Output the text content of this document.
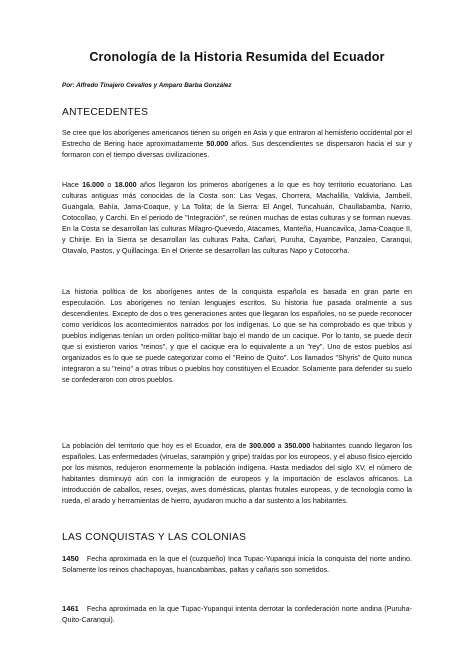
Cronología de la Historia Resumida del Ecuador
Por: Alfredo Tinajero Cevallos y Amparo Barba González
ANTECEDENTES

Se cree que los aborígenes americanos tienen su origen en Asia y que entraron al hemisferio occidental por el Estrecho de Bering hace aproximadamente 50.000 años. Sus descendientes se dispersaron hacia el sur y formaron con el tiempo diversas civilizaciones.

Hace 16.000 o 18.000 años llegaron los primeros aborígenes a lo que es hoy territorio ecuatoriano. Las culturas antiguas más conocidas de la Costa son: Las Vegas, Chorrera, Machalilla, Valdivia, Jambelí, Guangala, Bahía, Jama-Coaque, y La Tolita; de la Sierra: El Angel, Tuncahuán, Chaullabamba, Narrio, Cotocollao, y Carchi. En el periodo de "Integración", se reúnen muchas de estas culturas y se forman nuevas. En la Costa se desarrollan las culturas Milagro-Quevedo, Atacames, Manteña, Huancavilca, Jama-Coaque II, y Chirije. En la Sierra se desarrollan las culturas Palta, Cañari, Puruha, Cayambe, Panzaleo, Caranqui, Otavalo, Pastos, y Quillacinga. En el Oriente se desarrollan las culturas Napo y Cotocorha.

La historia política de los aborígenes antes de la conquista española es basada en gran parte en especulación. Los aborígenes no tenían lenguajes escritos. Su historia fue pasada oralmente a sus descendientes. Excepto de dos o tres generaciones antes que llegaran los españoles, no se puede reconocer como verídicos los acontecimientos narrados por los indígenas. Lo que se ha comprobado es que tribus y pueblos indígenas tenían un orden político-militar bajo el mando de un cacique. Por lo tanto, se puede decir que si existieron varios "reinos", y que el cacique era lo equivalente a un "rey". Uno de estos pueblos así organizados es lo que se puede categorizar como el "Reino de Quito". Los llamados "Shyris" de Quito nunca integraron a su "reino" a otras tribus o pueblos hoy constituyen el Ecuador. Solamente para defender su suelo se confederaron con otros pueblos.

La población del territorio que hoy es el Ecuador, era de 300.000 a 350.000 habitantes cuando llegaron los españoles. Las enfermedades (viruelas, sarampión y gripe) traídas por los europeos, y el abuso físico ejercido por los mismos, redujeron enormemente la población indígena. Hasta mediados del siglo XV, el número de habitantes disminuyó aún con la inmigración de europeos y la importación de esclavos africanos. La introducción de caballos, reses, ovejas, aves domésticas, plantas frutales europeas, y de tecnología como la rueda, el arado y herramientas de hierro, ayudaron mucho a dar sustento a los habitantes.

LAS CONQUISTAS Y LAS COLONIAS

1450 Fecha aproximada en la que el (cuzqueño) Inca Tupac-Yupanqui inicia la conquista del norte andino. Solamente los reinos chachapoyas, huancabambas, paltas y cañaris son sometidos.

1461 Fecha aproximada en la que Tupac-Yupanqui intenta derrotar la confederación norte andina (Puruha-Quito-Caranqui).
